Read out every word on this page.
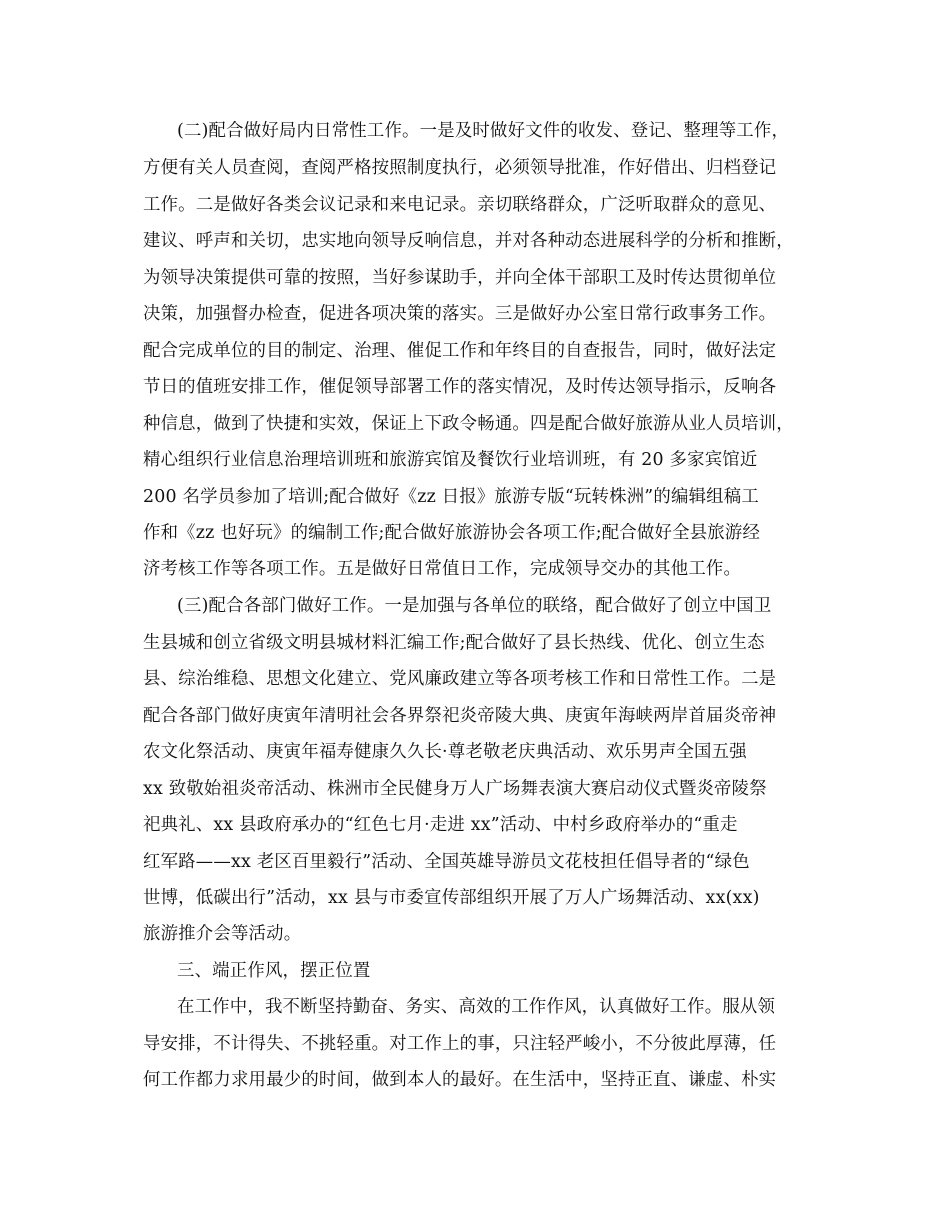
(二)配合做好局内日常性工作。一是及时做好文件的收发、登记、整理等工作，
方便有关人员查阅，查阅严格按照制度执行，必须领导批准，作好借出、归档登记
工作。二是做好各类会议记录和来电记录。亲切联络群众，广泛听取群众的意见、
建议、呼声和关切，忠实地向领导反响信息，并对各种动态进展科学的分析和推断，
为领导决策提供可靠的按照，当好参谋助手，并向全体干部职工及时传达贯彻单位
决策，加强督办检查，促进各项决策的落实。三是做好办公室日常行政事务工作。
配合完成单位的目的制定、治理、催促工作和年终目的自查报告，同时，做好法定
节日的值班安排工作，催促领导部署工作的落实情况，及时传达领导指示，反响各
种信息，做到了快捷和实效，保证上下政令畅通。四是配合做好旅游从业人员培训，
精心组织行业信息治理培训班和旅游宾馆及餐饮行业培训班，有 20 多家宾馆近
200 名学员参加了培训;配合做好《zz 日报》旅游专版“玩转株洲”的编辑组稿工
作和《zz 也好玩》的编制工作;配合做好旅游协会各项工作;配合做好全县旅游经
济考核工作等各项工作。五是做好日常值日工作，完成领导交办的其他工作。
(三)配合各部门做好工作。一是加强与各单位的联络，配合做好了创立中国卫
生县城和创立省级文明县城材料汇编工作;配合做好了县长热线、优化、创立生态
县、综治维稳、思想文化建立、党风廉政建立等各项考核工作和日常性工作。二是
配合各部门做好庚寅年清明社会各界祭祀炎帝陵大典、庚寅年海峡两岸首届炎帝神
农文化祭活动、庚寅年福寿健康久久长·尊老敬老庆典活动、欢乐男声全国五强
xx 致敬始祖炎帝活动、株洲市全民健身万人广场舞表演大赛启动仪式暨炎帝陵祭
祀典礼、xx 县政府承办的“红色七月·走进 xx”活动、中村乡政府举办的“重走
红军路——xx 老区百里毅行”活动、全国英雄导游员文花枝担任倡导者的“绿色
世博，低碳出行”活动，xx 县与市委宣传部组织开展了万人广场舞活动、xx(xx)
旅游推介会等活动。
三、端正作风，摆正位置
在工作中，我不断坚持勤奋、务实、高效的工作作风，认真做好工作。服从领
导安排，不计得失、不挑轻重。对工作上的事，只注轻严峻小，不分彼此厚薄，任
何工作都力求用最少的时间，做到本人的最好。在生活中，坚持正直、谦虚、朴实
